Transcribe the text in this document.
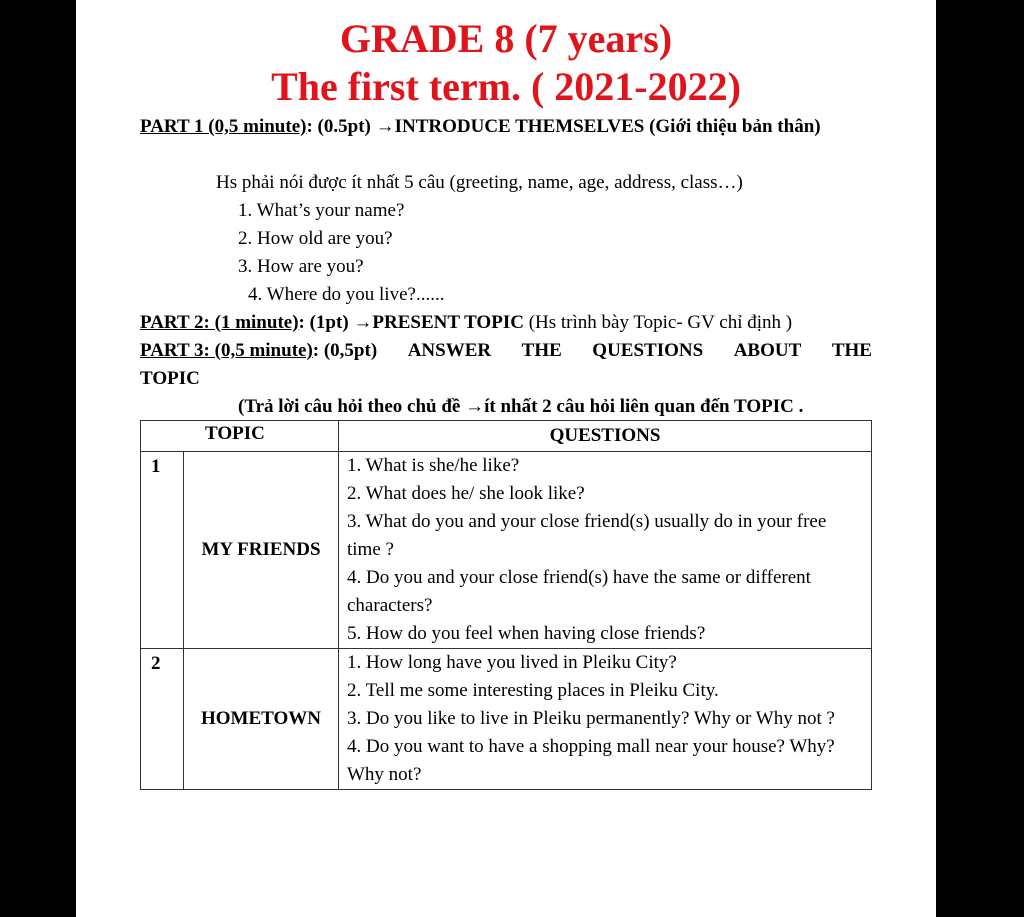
GRADE 8 (7 years)
The first term. ( 2021-2022)
PART 1 (0,5 minute): (0.5pt) →INTRODUCE THEMSELVES (Giới thiệu bản thân)
Hs phải nói được ít nhất 5 câu (greeting, name, age, address, class…)
1. What’s your name?
2. How old are you?
3. How are you?
4. Where do you live?......
PART 2: (1 minute): (1pt) →PRESENT TOPIC (Hs trình bày Topic- GV chỉ định )
PART 3: (0,5 minute): (0,5pt) ANSWER THE QUESTIONS ABOUT THE
TOPIC
(Trả lời câu hỏi theo chủ đề →ít nhất 2 câu hỏi liên quan đến TOPIC .
TOPIC		QUESTIONS
1	MY FRIENDS	1. What is she/he like?
2. What does he/ she look like?
3. What do you and your close friend(s) usually do in your free time ?
4. Do you and your close friend(s) have the same or different characters?
5. How do you feel when having close friends?

2	HOMETOWN	1. How long have you lived in Pleiku City?
2. Tell me some interesting places in Pleiku City.
3. Do you like to live in Pleiku permanently? Why or Why not ?
4. Do you want to have a shopping mall near your house? Why? Why not?
